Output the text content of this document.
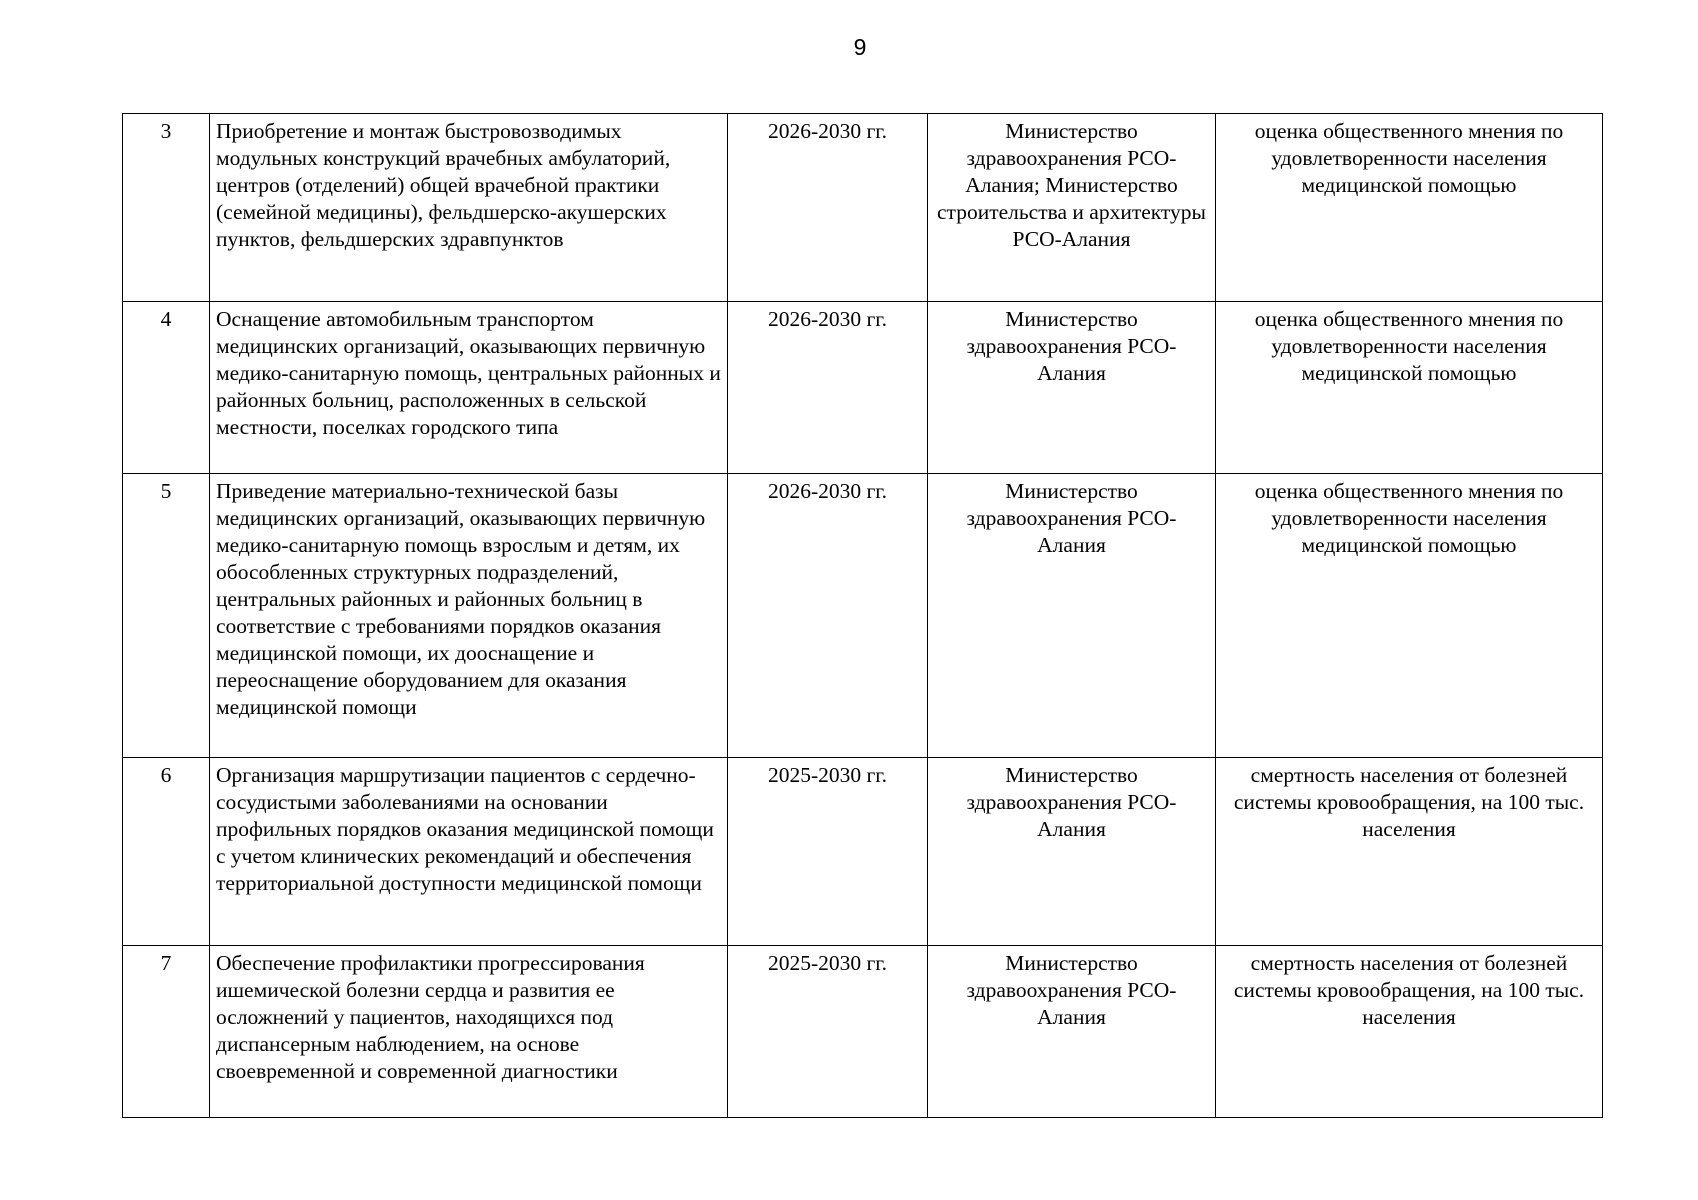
9
3	Приобретение и монтаж быстровозводимых модульных конструкций врачебных амбулаторий, центров (отделений) общей врачебной практики (семейной медицины), фельдшерско-акушерских пунктов, фельдшерских здравпунктов	2026-2030 гг.	Министерство здравоохранения РСО-Алания; Министерство строительства и архитектуры РСО-Алания	оценка общественного мнения по удовлетворенности населения медицинской помощью
4	Оснащение автомобильным транспортом медицинских организаций, оказывающих первичную медико-санитарную помощь, центральных районных и районных больниц, расположенных в сельской местности, поселках городского типа	2026-2030 гг.	Министерство здравоохранения РСО-Алания	оценка общественного мнения по удовлетворенности населения медицинской помощью
5	Приведение материально-технической базы медицинских организаций, оказывающих первичную медико-санитарную помощь взрослым и детям, их обособленных структурных подразделений, центральных районных и районных больниц в соответствие с требованиями порядков оказания медицинской помощи, их дооснащение и переоснащение оборудованием для оказания медицинской помощи	2026-2030 гг.	Министерство здравоохранения РСО-Алания	оценка общественного мнения по удовлетворенности населения медицинской помощью
6	Организация маршрутизации пациентов с сердечно-сосудистыми заболеваниями на основании профильных порядков оказания медицинской помощи с учетом клинических рекомендаций и обеспечения территориальной доступности медицинской помощи	2025-2030 гг.	Министерство здравоохранения РСО-Алания	смертность населения от болезней системы кровообращения, на 100 тыс. населения
7	Обеспечение профилактики прогрессирования ишемической болезни сердца и развития ее осложнений у пациентов, находящихся под диспансерным наблюдением, на основе своевременной и современной диагностики	2025-2030 гг.	Министерство здравоохранения РСО-Алания	смертность населения от болезней системы кровообращения, на 100 тыс. населения
